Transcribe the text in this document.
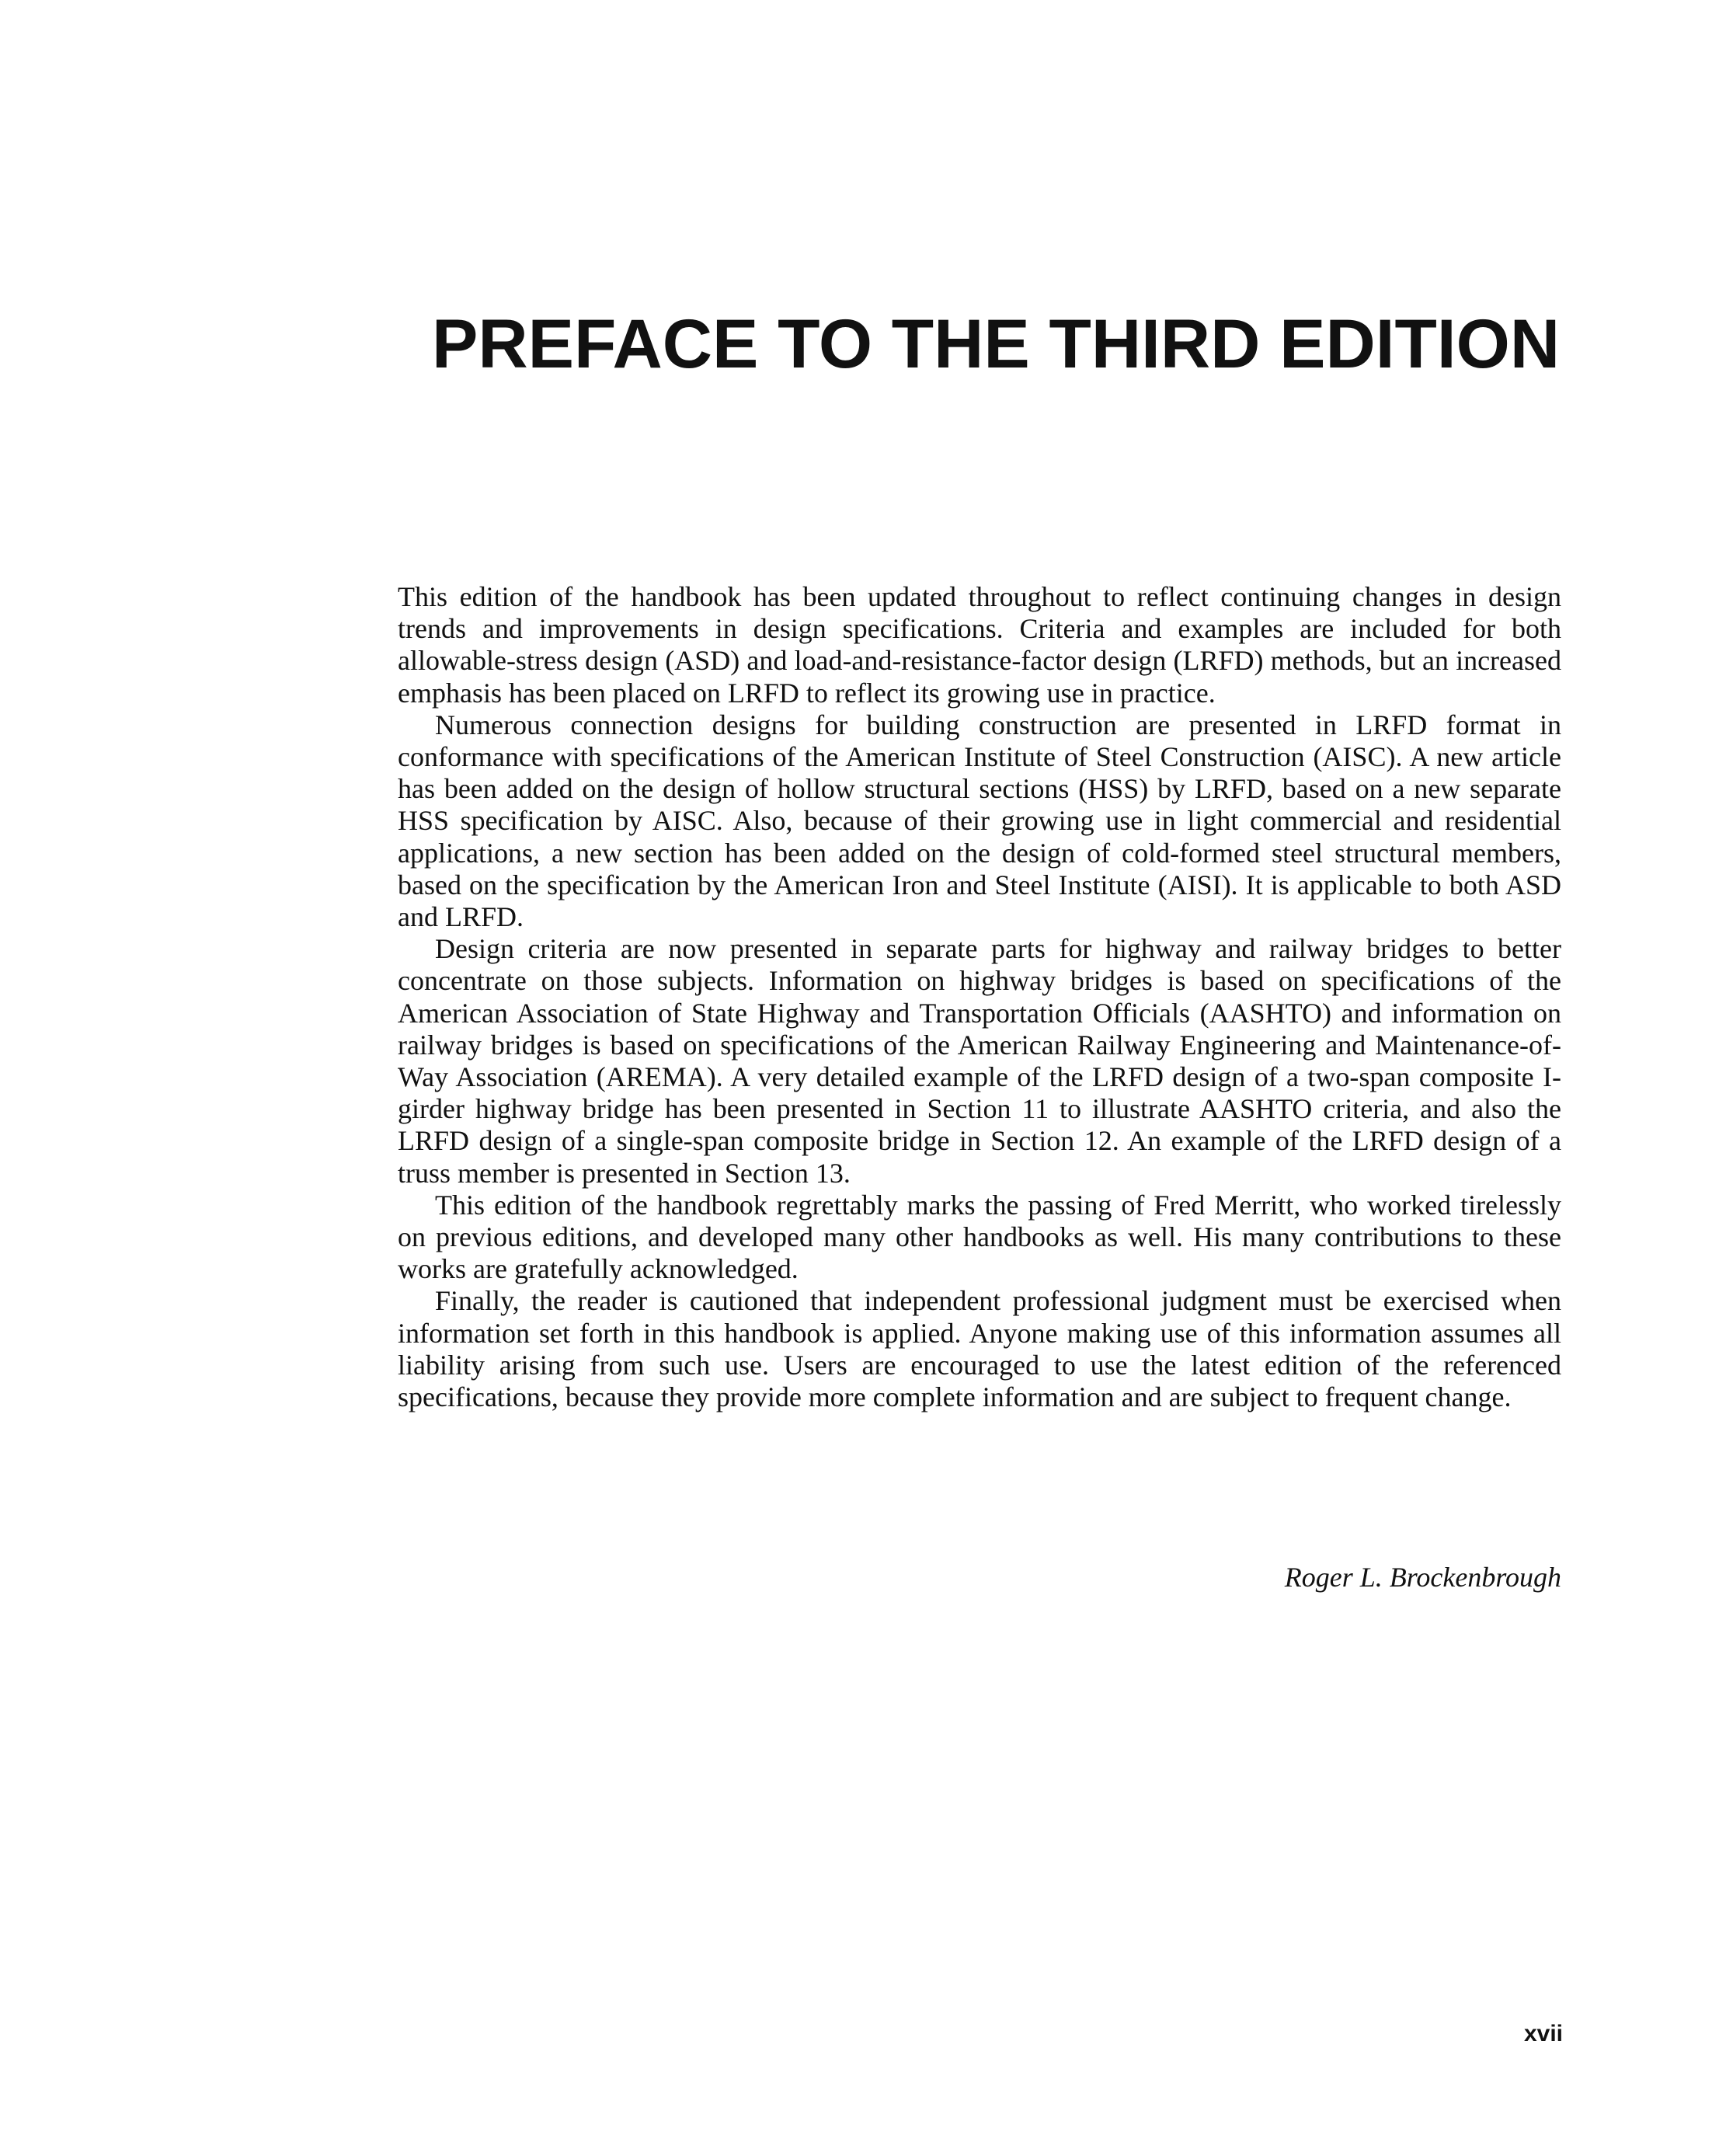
PREFACE TO THE THIRD EDITION

This edition of the handbook has been updated throughout to reflect continuing changes in design trends and improvements in design specifications. Criteria and examples are included for both allowable-stress design (ASD) and load-and-resistance-factor design (LRFD) methods, but an increased emphasis has been placed on LRFD to reflect its growing use in practice.

Numerous connection designs for building construction are presented in LRFD format in conformance with specifications of the American Institute of Steel Construction (AISC). A new article has been added on the design of hollow structural sections (HSS) by LRFD, based on a new separate HSS specification by AISC. Also, because of their growing use in light commercial and residential applications, a new section has been added on the design of cold-formed steel structural members, based on the specification by the American Iron and Steel Institute (AISI). It is applicable to both ASD and LRFD.

Design criteria are now presented in separate parts for highway and railway bridges to better concentrate on those subjects. Information on highway bridges is based on specifications of the American Association of State Highway and Transportation Officials (AASHTO) and information on railway bridges is based on specifications of the American Railway Engineering and Maintenance-of-Way Association (AREMA). A very detailed example of the LRFD design of a two-span composite I-girder highway bridge has been presented in Section 11 to illustrate AASHTO criteria, and also the LRFD design of a single-span composite bridge in Section 12. An example of the LRFD design of a truss member is presented in Section 13.

This edition of the handbook regrettably marks the passing of Fred Merritt, who worked tirelessly on previous editions, and developed many other handbooks as well. His many contributions to these works are gratefully acknowledged.

Finally, the reader is cautioned that independent professional judgment must be exercised when information set forth in this handbook is applied. Anyone making use of this information assumes all liability arising from such use. Users are encouraged to use the latest edition of the referenced specifications, because they provide more complete information and are subject to frequent change.

Roger L. Brockenbrough
xvii
